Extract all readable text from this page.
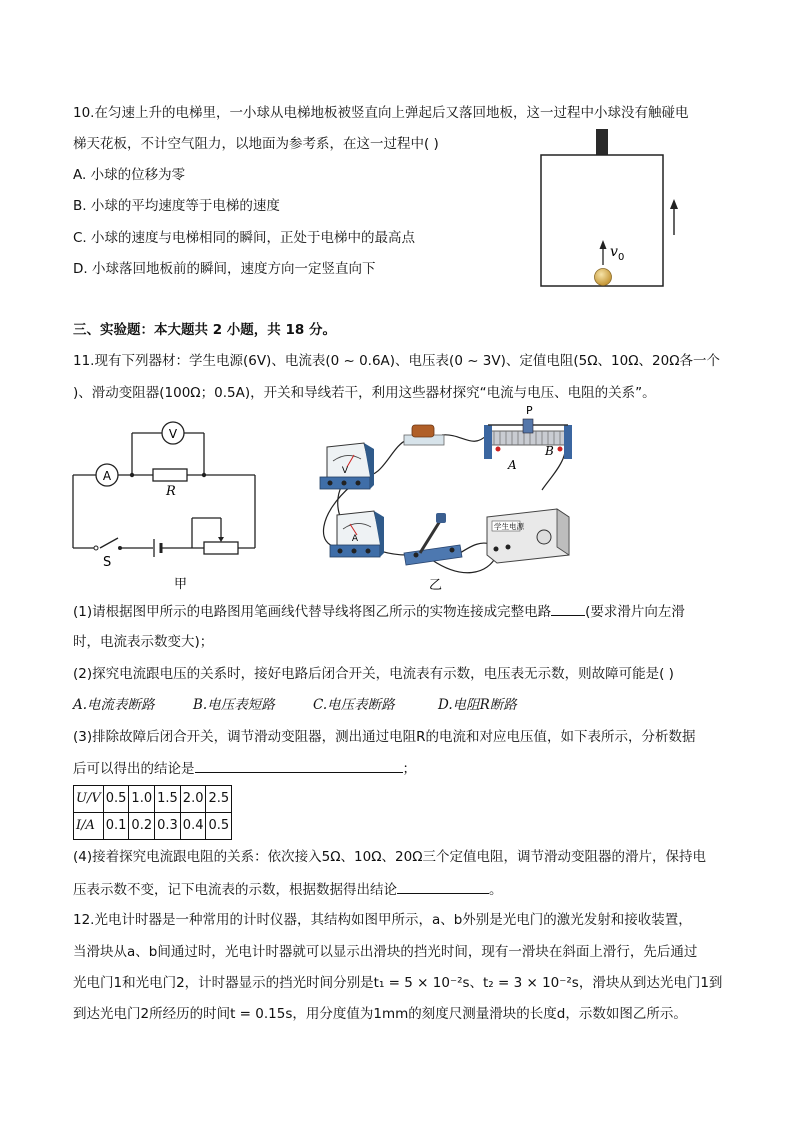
10.在匀速上升的电梯里，一小球从电梯地板被竖直向上弹起后又落回地板，这一过程中小球没有触碰电
梯天花板，不计空气阻力，以地面为参考系，在这一过程中( )
A. 小球的位移为零
B. 小球的平均速度等于电梯的速度
C. 小球的速度与电梯相同的瞬间，正处于电梯中的最高点
D. 小球落回地板前的瞬间，速度方向一定竖直向下
v 0
三、实验题：本大题共 2 小题，共 18 分。
11.现有下列器材：学生电源(6V)、电流表(0 ~ 0.6A)、电压表(0 ~ 3V)、定值电阻(5Ω、10Ω、20Ω各一个
)、滑动变阻器(100Ω；0.5A)，开关和导线若干，利用这些器材探究“电流与电压、电阻的关系”。
A
V
R
S
甲
V
P
A
B
A
学生电源
乙
(1)请根据图甲所示的电路图用笔画线代替导线将图乙所示的实物连接成完整电路	(要求滑片向左滑
时，电流表示数变大)；
(2)探究电流跟电压的关系时，接好电路后闭合开关，电流表有示数，电压表无示数，则故障可能是( )
A.电流表断路	B.电压表短路	C.电压表断路	D.电阻R断路
(3)排除故障后闭合开关，调节滑动变阻器，测出通过电阻R的电流和对应电压值，如下表所示，分析数据
后可以得出的结论是	；
U/V	0.5	1.0	1.5	2.0	2.5
I/A	0.1	0.2	0.3	0.4	0.5
(4)接着探究电流跟电阻的关系：依次接入5Ω、10Ω、20Ω三个定值电阻，调节滑动变阻器的滑片，保持电
压表示数不变，记下电流表的示数，根据数据得出结论	。
12.光电计时器是一种常用的计时仪器，其结构如图甲所示，a、b外别是光电门的激光发射和接收装置，
当滑块从a、b间通过时，光电计时器就可以显示出滑块的挡光时间，现有一滑块在斜面上滑行，先后通过
光电门1和光电门2，计时器显示的挡光时间分别是t₁ = 5 × 10⁻²s、t₂ = 3 × 10⁻²s，滑块从到达光电门1到
到达光电门2所经历的时间t = 0.15s，用分度值为1mm的刻度尺测量滑块的长度d，示数如图乙所示。
